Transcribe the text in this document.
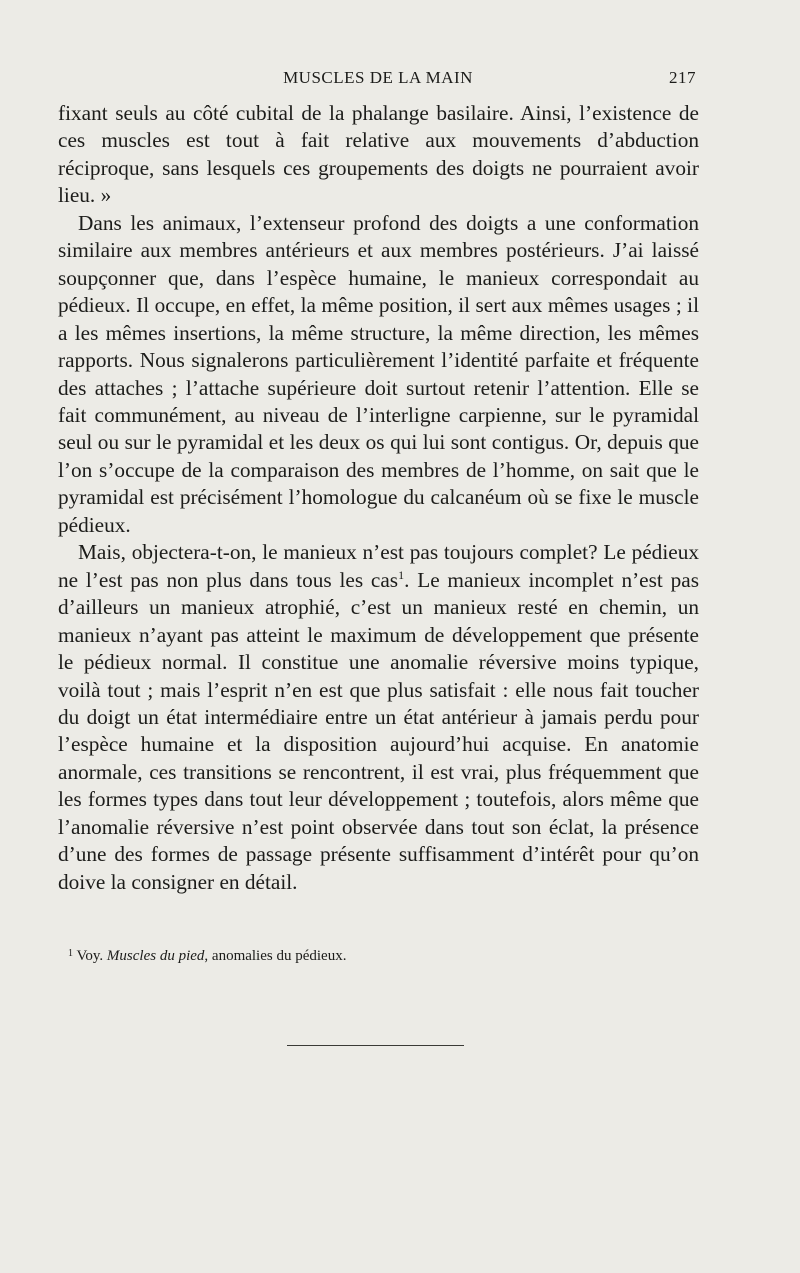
MUSCLES DE LA MAIN	217

fixant seuls au côté cubital de la phalange basilaire. Ainsi, l’existence de ces muscles est tout à fait relative aux mouvements d’abduction réciproque, sans lesquels ces groupements des doigts ne pourraient avoir lieu. »

Dans les animaux, l’extenseur profond des doigts a une conformation similaire aux membres antérieurs et aux membres postérieurs. J’ai laissé soupçonner que, dans l’espèce humaine, le manieux correspondait au pédieux. Il occupe, en effet, la même position, il sert aux mêmes usages ; il a les mêmes insertions, la même structure, la même direction, les mêmes rapports. Nous signalerons particulièrement l’identité parfaite et fréquente des attaches ; l’attache supérieure doit surtout retenir l’attention. Elle se fait communément, au niveau de l’interligne carpienne, sur le pyramidal seul ou sur le pyramidal et les deux os qui lui sont contigus. Or, depuis que l’on s’occupe de la comparaison des membres de l’homme, on sait que le pyramidal est précisément l’homologue du calcanéum où se fixe le muscle pédieux.

Mais, objectera-t-on, le manieux n’est pas toujours complet? Le pédieux ne l’est pas non plus dans tous les cas$^1$. Le manieux incomplet n’est pas d’ailleurs un manieux atrophié, c’est un manieux resté en chemin, un manieux n’ayant pas atteint le maximum de développement que présente le pédieux normal. Il constitue une anomalie réversive moins typique, voilà tout ; mais l’esprit n’en est que plus satisfait : elle nous fait toucher du doigt un état intermédiaire entre un état antérieur à jamais perdu pour l’espèce humaine et la disposition aujourd’hui acquise. En anatomie anormale, ces transitions se rencontrent, il est vrai, plus fréquemment que les formes types dans tout leur développement ; toutefois, alors même que l’anomalie réversive n’est point observée dans tout son éclat, la présence d’une des formes de passage présente suffisamment d’intérêt pour qu’on doive la consigner en détail.

$^1$ Voy. Muscles du pied, anomalies du pédieux.
